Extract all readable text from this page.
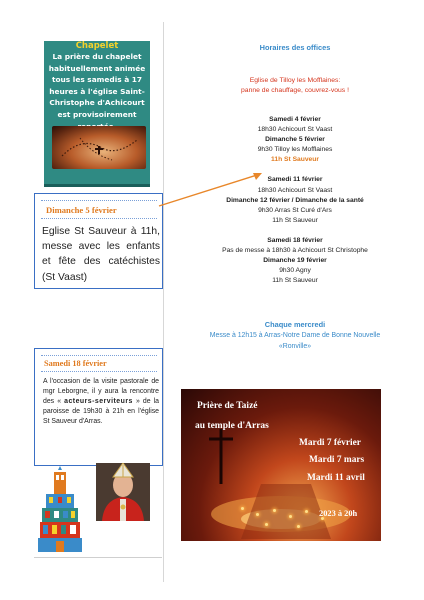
Chapelet
La prière du chapelet habituellement animée tous les samedis à 17 heures à l'église Saint-Christophe d'Achicourt est provisoirement
Dimanche 5 février
Eglise St Sauveur à 11h, messe avec les enfants et fête des catéchistes (St Vaast)
Samedi 18 février
A l'occasion de la visite pastorale de mgr Leborgne, il y aura la rencontre des « acteurs-serviteurs » de la paroisse de 19h30 à 21h en l'église St Sauveur d'Arras.
Horaires des offices
Eglise de Tilloy les Mofflaines:
panne de chauffage, couvrez-vous !
Samedi 4 février
18h30 Achicourt St Vaast
Dimanche 5 février
9h30 Tilloy les Mofflaines
11h St Sauveur
Samedi 11 février
18h30 Achicourt St Vaast
Dimanche 12 février / Dimanche de la santé
9h30 Arras St Curé d'Ars
11h St Sauveur
Samedi 18 février
Pas de messe à 18h30 à Achicourt St Christophe
Dimanche 19 février
9h30 Agny
11h St Sauveur
Chaque mercredi
Messe à 12h15 à Arras-Notre Dame de Bonne Nouvelle
«Ronville»
Prière de Taizé
au temple d'Arras
Mardi 7 février
Mardi 7 mars
Mardi 11 avril
2023 à 20h
